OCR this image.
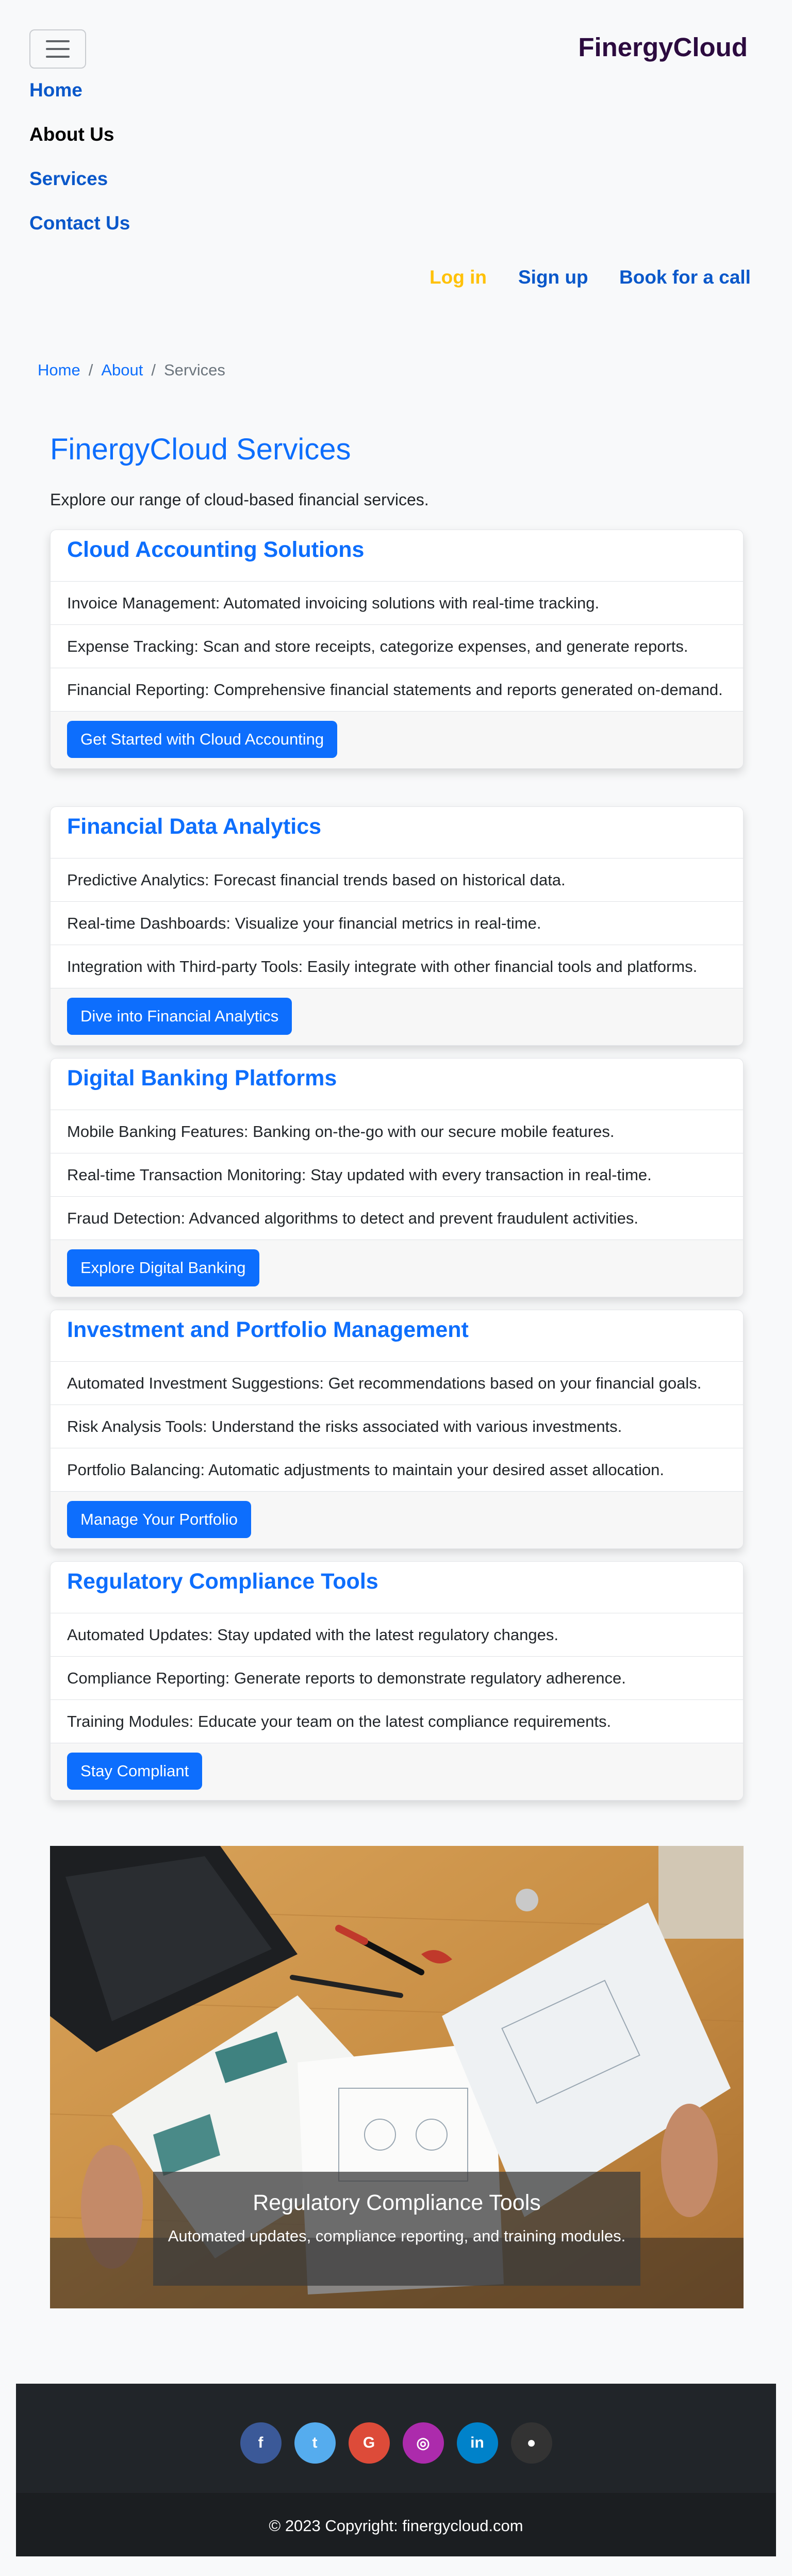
FinergyCloud
Home
About Us
Services
Contact Us
Log in Sign up Book for a call
Home / About / Services
FinergyCloud Services

Explore our range of cloud-based financial services.

Cloud Accounting Solutions
Invoice Management: Automated invoicing solutions with real-time tracking.
Expense Tracking: Scan and store receipts, categorize expenses, and generate reports.
Financial Reporting: Comprehensive financial statements and reports generated on-demand.
Get Started with Cloud Accounting
Financial Data Analytics
Predictive Analytics: Forecast financial trends based on historical data.
Real-time Dashboards: Visualize your financial metrics in real-time.
Integration with Third-party Tools: Easily integrate with other financial tools and platforms.
Dive into Financial Analytics
Digital Banking Platforms
Mobile Banking Features: Banking on-the-go with our secure mobile features.
Real-time Transaction Monitoring: Stay updated with every transaction in real-time.
Fraud Detection: Advanced algorithms to detect and prevent fraudulent activities.
Explore Digital Banking
Investment and Portfolio Management
Automated Investment Suggestions: Get recommendations based on your financial goals.
Risk Analysis Tools: Understand the risks associated with various investments.
Portfolio Balancing: Automatic adjustments to maintain your desired asset allocation.
Manage Your Portfolio
Regulatory Compliance Tools
Automated Updates: Stay updated with the latest regulatory changes.
Compliance Reporting: Generate reports to demonstrate regulatory adherence.
Training Modules: Educate your team on the latest compliance requirements.
Stay Compliant
Regulatory Compliance Tools
Automated updates, compliance reporting, and training modules.
f	t	G	◎	in	●
© 2023 Copyright: finergycloud.com
